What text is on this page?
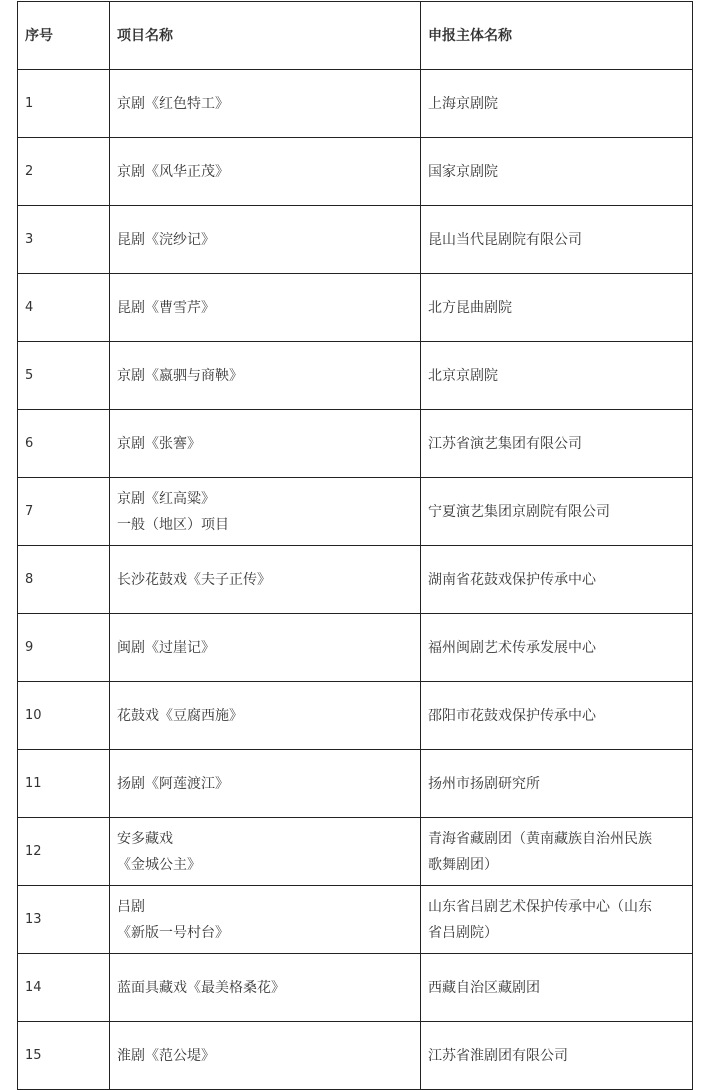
序号	项目名称	申报主体名称
1	京剧《红色特工》	上海京剧院

2	京剧《风华正茂》	国家京剧院

3	昆剧《浣纱记》	昆山当代昆剧院有限公司

4	昆剧《曹雪芹》	北方昆曲剧院

5	京剧《嬴驷与商鞅》	北京京剧院

6	京剧《张謇》	江苏省演艺集团有限公司

7	京剧《红高粱》
一般（地区）项目	宁夏演艺集团京剧院有限公司

8	长沙花鼓戏《夫子正传》	湖南省花鼓戏保护传承中心

9	闽剧《过崖记》	福州闽剧艺术传承发展中心

10	花鼓戏《豆腐西施》	邵阳市花鼓戏保护传承中心

11	扬剧《阿莲渡江》	扬州市扬剧研究所

12	安多藏戏
《金城公主》	青海省藏剧团（黄南藏族自治州民族
歌舞剧团）

13	吕剧
《新版一号村台》	山东省吕剧艺术保护传承中心（山东
省吕剧院）

14	蓝面具藏戏《最美格桑花》	西藏自治区藏剧团

15	淮剧《范公堤》	江苏省淮剧团有限公司
